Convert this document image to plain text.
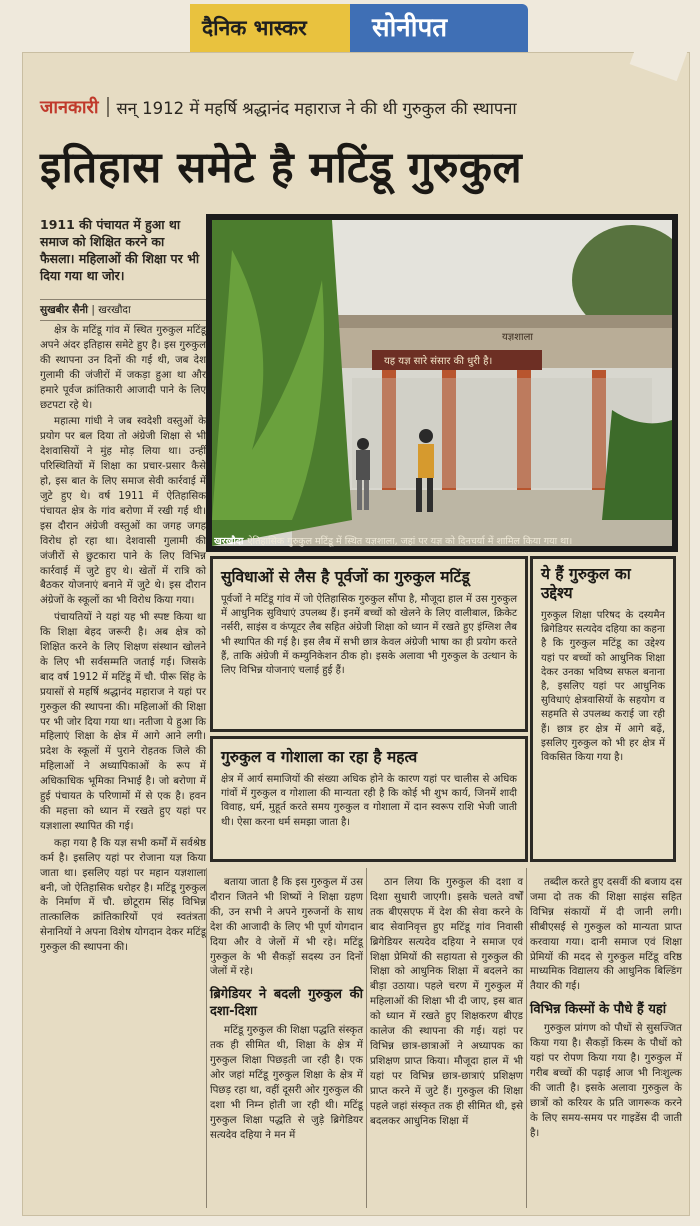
दैनिक भास्कर	सोनीपत
जानकारी सन् 1912 में महर्षि श्रद्धानंद महाराज ने की थी गुरुकुल की स्थापना
इतिहास समेटे है मटिंडू गुरुकुल
1911 की पंचायत में हुआ था समाज को शिक्षित करने का फैसला। महिलाओं की शिक्षा पर भी दिया गया था जोर।
सुखबीर सैनी | खरखौदा

क्षेत्र के मटिंडू गांव में स्थित गुरुकुल मटिंडू अपने अंदर इतिहास समेटे हुए है। इस गुरुकुल की स्थापना उन दिनों की गई थी, जब देश गुलामी की जंजीरों में जकड़ा हुआ था और हमारे पूर्वज क्रांतिकारी आजादी पाने के लिए छटपटा रहे थे।

महात्मा गांधी ने जब स्वदेशी वस्तुओं के प्रयोग पर बल दिया तो अंग्रेजी शिक्षा से भी देशवासियों ने मुंह मोड़ लिया था। उन्हीं परिस्थितियों में शिक्षा का प्रचार-प्रसार कैसे हो, इस बात के लिए समाज सेवी कार्रवाई में जुटे हुए थे। वर्ष 1911 में ऐतिहासिक पंचायत क्षेत्र के गांव बरोणा में रखी गई थी। इस दौरान अंग्रेजी वस्तुओं का जगह जगह विरोध हो रहा था। देशवासी गुलामी की जंजीरों से छुटकारा पाने के लिए विभिन्न कार्रवाई में जुटे हुए थे। खेतों में रात्रि को बैठकर योजनाएं बनाने में जुटे थे। इस दौरान अंग्रेजों के स्कूलों का भी विरोध किया गया।

पंचायतियों ने यहां यह भी स्पष्ट किया था कि शिक्षा बेहद जरूरी है। अब क्षेत्र को शिक्षित करने के लिए शिक्षण संस्थान खोलने के लिए भी सर्वसम्मति जताई गई। जिसके बाद वर्ष 1912 में मटिंडू में चौ. पीरू सिंह के प्रयासों से महर्षि श्रद्धानंद महाराज ने यहां पर गुरुकुल की स्थापना की। महिलाओं की शिक्षा पर भी जोर दिया गया था। नतीजा ये हुआ कि महिलाएं शिक्षा के क्षेत्र में आगे आने लगी। प्रदेश के स्कूलों में पुराने रोहतक जिले की महिलाओं ने अध्यापिकाओं के रूप में अधिकाधिक भूमिका निभाई है। जो बरोणा में हुई पंचायत के परिणामों में से एक है। हवन की महत्ता को ध्यान में रखते हुए यहां पर यज्ञशाला स्थापित की गई।

कहा गया है कि यज्ञ सभी कर्मों में सर्वश्रेष्ठ कर्म है। इसलिए यहां पर रोजाना यज्ञ किया जाता था। इसलिए यहां पर महान यज्ञशाला बनी, जो ऐतिहासिक धरोहर है। मटिंडू गुरुकुल के निर्माण में चौ. छोटूराम सिंह विभिन्न तात्कालिक क्रांतिकारियों एवं स्वतंत्रता सेनानियों ने अपना विशेष योगदान देकर मटिंडू गुरुकुल की स्थापना की।

यज्ञशाला
यह यज्ञ सारे संसार की धुरी है।
खरखौदा ऐतिहासिक गुरुकुल मटिंडू में स्थित यज्ञशाला, जहां पर यज्ञ को दिनचर्या में शामिल किया गया था।
सुविधाओं से लैस है पूर्वजों का गुरुकुल मटिंडू
पूर्वजों ने मटिंडू गांव में जो ऐतिहासिक गुरुकुल सौंपा है, मौजूदा हाल में उस गुरुकुल में आधुनिक सुविधाएं उपलब्ध हैं। इनमें बच्चों को खेलने के लिए वालीबाल, क्रिकेट नर्सरी, साइंस व कंप्यूटर लैब सहित अंग्रेजी शिक्षा को ध्यान में रखते हुए इंग्लिश लैब भी स्थापित की गई है। इस लैब में सभी छात्र केवल अंग्रेजी भाषा का ही प्रयोग करते हैं, ताकि अंग्रेजी में कम्युनिकेशन ठीक हो। इसके अलावा भी गुरुकुल के उत्थान के लिए विभिन्न योजनाएं चलाई हुई हैं।
गुरुकुल व गोशाला का रहा है महत्व
क्षेत्र में आर्य समाजियों की संख्या अधिक होने के कारण यहां पर चालीस से अधिक गांवों में गुरुकुल व गोशाला की मान्यता रही है कि कोई भी शुभ कार्य, जिनमें शादी विवाह, धर्म, मुहूर्त करते समय गुरुकुल व गोशाला में दान स्वरूप राशि भेजी जाती थी। ऐसा करना धर्म समझा जाता है।
ये हैं गुरुकुल का उद्देश्य
गुरुकुल शिक्षा परिषद के दस्यमैन ब्रिगेडियर सत्यदेव दहिया का कहना है कि गुरुकुल मटिंडू का उद्देश्य यहां पर बच्चों को आधुनिक शिक्षा देकर उनका भविष्य सफल बनाना है, इसलिए यहां पर आधुनिक सुविधाएं क्षेत्रवासियों के सहयोग व सहमति से उपलब्ध कराई जा रही हैं। छात्र हर क्षेत्र में आगे बढ़ें, इसलिए गुरुकुल को भी हर क्षेत्र में विकसित किया गया है।

बताया जाता है कि इस गुरुकुल में उस दौरान जितने भी शिष्यों ने शिक्षा ग्रहण की, उन सभी ने अपने गुरुजनों के साथ देश की आजादी के लिए भी पूर्ण योगदान दिया और वे जेलों में भी रहे। मटिंडू गुरुकुल के भी सैकड़ों सदस्य उन दिनों जेलों में रहे।

ब्रिगेडियर ने बदली गुरुकुल की दशा-दिशा

मटिंडू गुरुकुल की शिक्षा पद्धति संस्कृत तक ही सीमित थी, शिक्षा के क्षेत्र में गुरुकुल शिक्षा पिछड़ती जा रही है। एक ओर जहां मटिंडू गुरुकुल शिक्षा के क्षेत्र में पिछड़ रहा था, वहीं दूसरी ओर गुरुकुल की दशा भी निम्न होती जा रही थी। मटिंडू गुरुकुल शिक्षा पद्धति से जुड़े ब्रिगेडियर सत्यदेव दहिया ने मन में

ठान लिया कि गुरुकुल की दशा व दिशा सुधारी जाएगी। इसके चलते वर्षों तक बीएसएफ में देश की सेवा करने के बाद सेवानिवृत्त हुए मटिंडू गांव निवासी ब्रिगेडियर सत्यदेव दहिया ने समाज एवं शिक्षा प्रेमियों की सहायता से गुरुकुल की शिक्षा को आधुनिक शिक्षा में बदलने का बीड़ा उठाया। पहले चरण में गुरुकुल में महिलाओं की शिक्षा भी दी जाए, इस बात को ध्यान में रखते हुए शिक्षकरण बीएड कालेज की स्थापना की गई। यहां पर विभिन्न छात्र-छात्राओं ने अध्यापक का प्रशिक्षण प्राप्त किया। मौजूदा हाल में भी यहां पर विभिन्न छात्र-छात्राएं प्रशिक्षण प्राप्त करने में जुटे हैं। गुरुकुल की शिक्षा पहले जहां संस्कृत तक ही सीमित थी, इसे बदलकर आधुनिक शिक्षा में

तब्दील करते हुए दसवीं की बजाय दस जमा दो तक की शिक्षा साइंस सहित विभिन्न संकायों में दी जानी लगी। सीबीएसई से गुरुकुल को मान्यता प्राप्त करवाया गया। दानी समाज एवं शिक्षा प्रेमियों की मदद से गुरुकुल मटिंडू वरिष्ठ माध्यमिक विद्यालय की आधुनिक बिल्डिंग तैयार की गई।

विभिन्न किस्मों के पौधे हैं यहां

गुरुकुल प्रांगण को पौधों से सुसज्जित किया गया है। सैकड़ों किस्म के पौधों को यहां पर रोपण किया गया है। गुरुकुल में गरीब बच्चों की पढ़ाई आज भी निःशुल्क की जाती है। इसके अलावा गुरुकुल के छात्रों को करियर के प्रति जागरूक करने के लिए समय-समय पर गाइडेंस दी जाती है।
